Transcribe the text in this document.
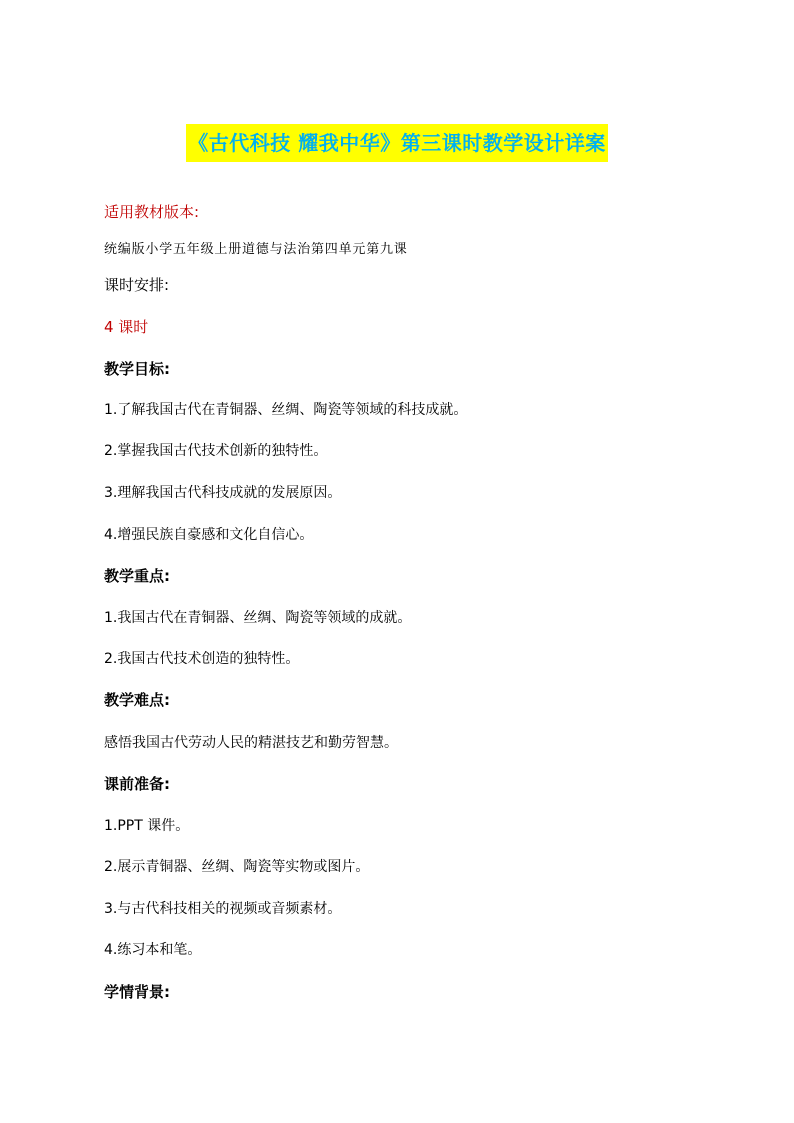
《古代科技 耀我中华》第三课时教学设计详案
适用教材版本:
统编版小学五年级上册道德与法治第四单元第九课
课时安排:
4 课时
教学目标:
1.了解我国古代在青铜器、丝绸、陶瓷等领域的科技成就。
2.掌握我国古代技术创新的独特性。
3.理解我国古代科技成就的发展原因。
4.增强民族自豪感和文化自信心。
教学重点:
1.我国古代在青铜器、丝绸、陶瓷等领域的成就。
2.我国古代技术创造的独特性。
教学难点:
感悟我国古代劳动人民的精湛技艺和勤劳智慧。
课前准备:
1.PPT 课件。
2.展示青铜器、丝绸、陶瓷等实物或图片。
3.与古代科技相关的视频或音频素材。
4.练习本和笔。
学情背景:
